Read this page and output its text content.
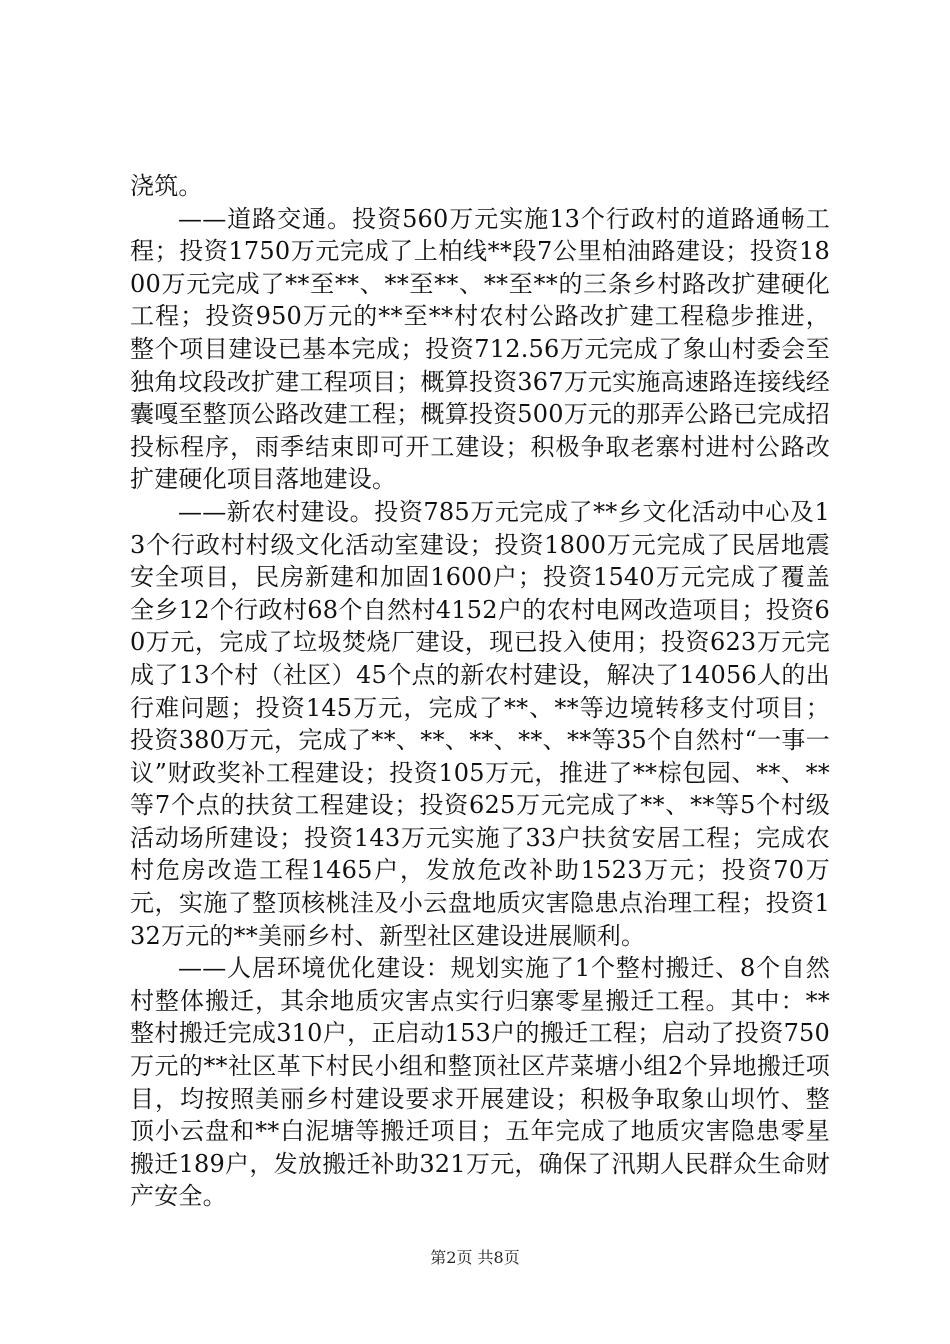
浇筑。

——道路交通。投资560万元实施13个行政村的道路通畅工程；投资1750万元完成了上柏线**段7公里柏油路建设；投资1800万元完成了**至**、**至**、**至**的三条乡村路改扩建硬化工程；投资950万元的**至**村农村公路改扩建工程稳步推进，整个项目建设已基本完成；投资712.56万元完成了象山村委会至独角坟段改扩建工程项目；概算投资367万元实施高速路连接线经囊嘎至整顶公路改建工程；概算投资500万元的那弄公路已完成招投标程序，雨季结束即可开工建设；积极争取老寨村进村公路改扩建硬化项目落地建设。

——新农村建设。投资785万元完成了**乡文化活动中心及13个行政村村级文化活动室建设；投资1800万元完成了民居地震安全项目，民房新建和加固1600户；投资1540万元完成了覆盖全乡12个行政村68个自然村4152户的农村电网改造项目；投资60万元，完成了垃圾焚烧厂建设，现已投入使用；投资623万元完成了13个村（社区）45个点的新农村建设，解决了14056人的出行难问题；投资145万元，完成了**、**等边境转移支付项目；投资380万元，完成了**、**、**、**、**等35个自然村“一事一议”财政奖补工程建设；投资105万元，推进了**棕包园、**、**等7个点的扶贫工程建设；投资625万元完成了**、**等5个村级活动场所建设；投资143万元实施了33户扶贫安居工程；完成农村危房改造工程1465户，发放危改补助1523万元；投资70万元，实施了整顶核桃洼及小云盘地质灾害隐患点治理工程；投资132万元的**美丽乡村、新型社区建设进展顺利。

——人居环境优化建设：规划实施了1个整村搬迁、8个自然村整体搬迁，其余地质灾害点实行归寨零星搬迁工程。其中：**整村搬迁完成310户，正启动153户的搬迁工程；启动了投资750万元的**社区革下村民小组和整顶社区芹菜塘小组2个异地搬迁项目，均按照美丽乡村建设要求开展建设；积极争取象山坝竹、整顶小云盘和**白泥塘等搬迁项目；五年完成了地质灾害隐患零星搬迁189户，发放搬迁补助321万元，确保了汛期人民群众生命财产安全。

第2页 共8页
